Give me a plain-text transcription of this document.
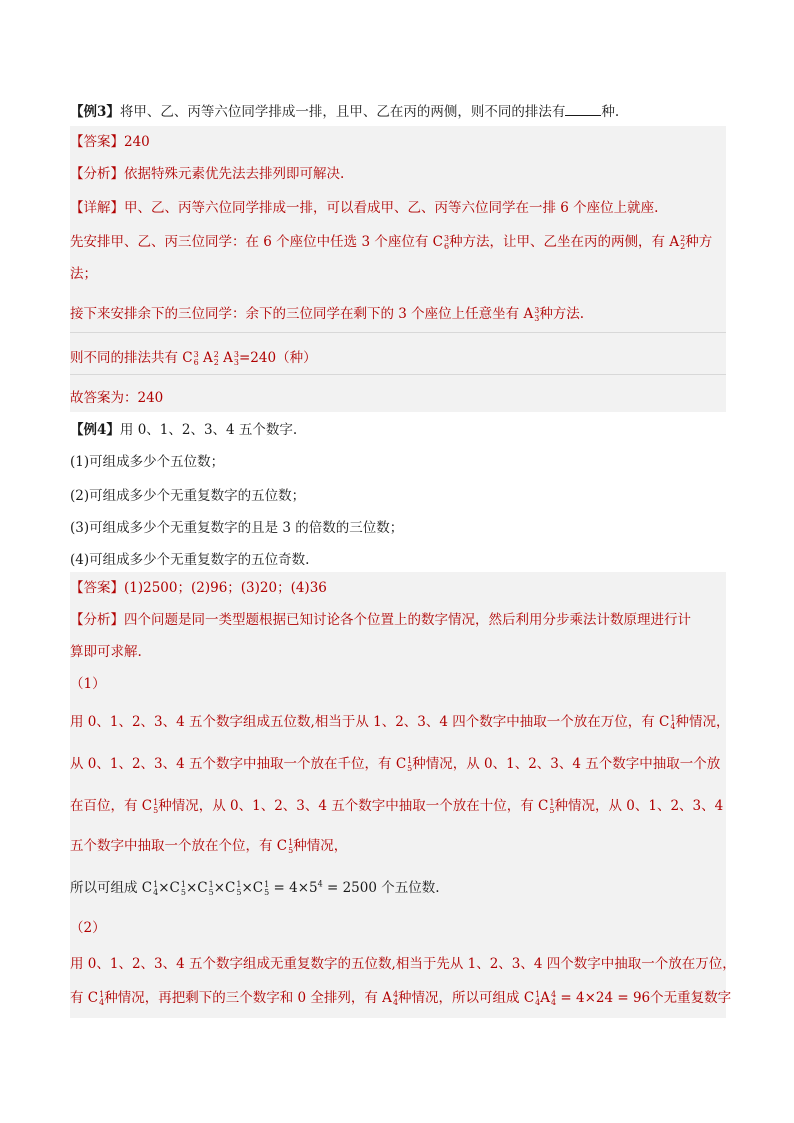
【例3】将甲、乙、丙等六位同学排成一排，且甲、乙在丙的两侧，则不同的排法有	种.
【答案】240
【分析】依据特殊元素优先法去排列即可解决.
【详解】甲、乙、丙等六位同学排成一排，可以看成甲、乙、丙等六位同学在一排 6 个座位上就座.
先安排甲、乙、丙三位同学：在 6 个座位中任选 3 个座位有 C 3
6 种方法，让甲、乙坐在丙的两侧，有 A 2
2 种方
法；
接下来安排余下的三位同学：余下的三位同学在剩下的 3 个座位上任意坐有 A 3
3 种方法.
则不同的排法共有 C 3
6 A 2
2 A 3
3 =240（种）
故答案为：240
【例4】用 0、1、2、3、4 五个数字.
(1)可组成多少个五位数；
(2)可组成多少个无重复数字的五位数；
(3)可组成多少个无重复数字的且是 3 的倍数的三位数；
(4)可组成多少个无重复数字的五位奇数.
【答案】(1)2500；(2)96；(3)20；(4)36
【分析】四个问题是同一类型题根据已知讨论各个位置上的数字情况，然后利用分步乘法计数原理进行计
算即可求解.
（1）
用 0、1、2、3、4 五个数字组成五位数,相当于从 1、2、3、4 四个数字中抽取一个放在万位，有 C 1
4 种情况，
从 0、1、2、3、4 五个数字中抽取一个放在千位，有 C 1
5 种情况，从 0、1、2、3、4 五个数字中抽取一个放
在百位，有 C 1
5 种情况，从 0、1、2、3、4 五个数字中抽取一个放在十位，有 C 1
5 种情况，从 0、1、2、3、4
五个数字中抽取一个放在个位，有 C 1
5 种情况，
所以可组成 C 1
4 ×C 1
5 ×C 1
5 ×C 1
5 ×C 1
$5 = 4\times 5^4 = 2500$ 个五位数.
（2）
用 0、1、2、3、4 五个数字组成无重复数字的五位数,相当于先从 1、2、3、4 四个数字中抽取一个放在万位，
有 C 1
4 种情况，再把剩下的三个数字和 0 全排列，有 A 4
4 种情况，所以可组成 C 1
4 A 4
4 = 4×24 = 96个无重复数字
